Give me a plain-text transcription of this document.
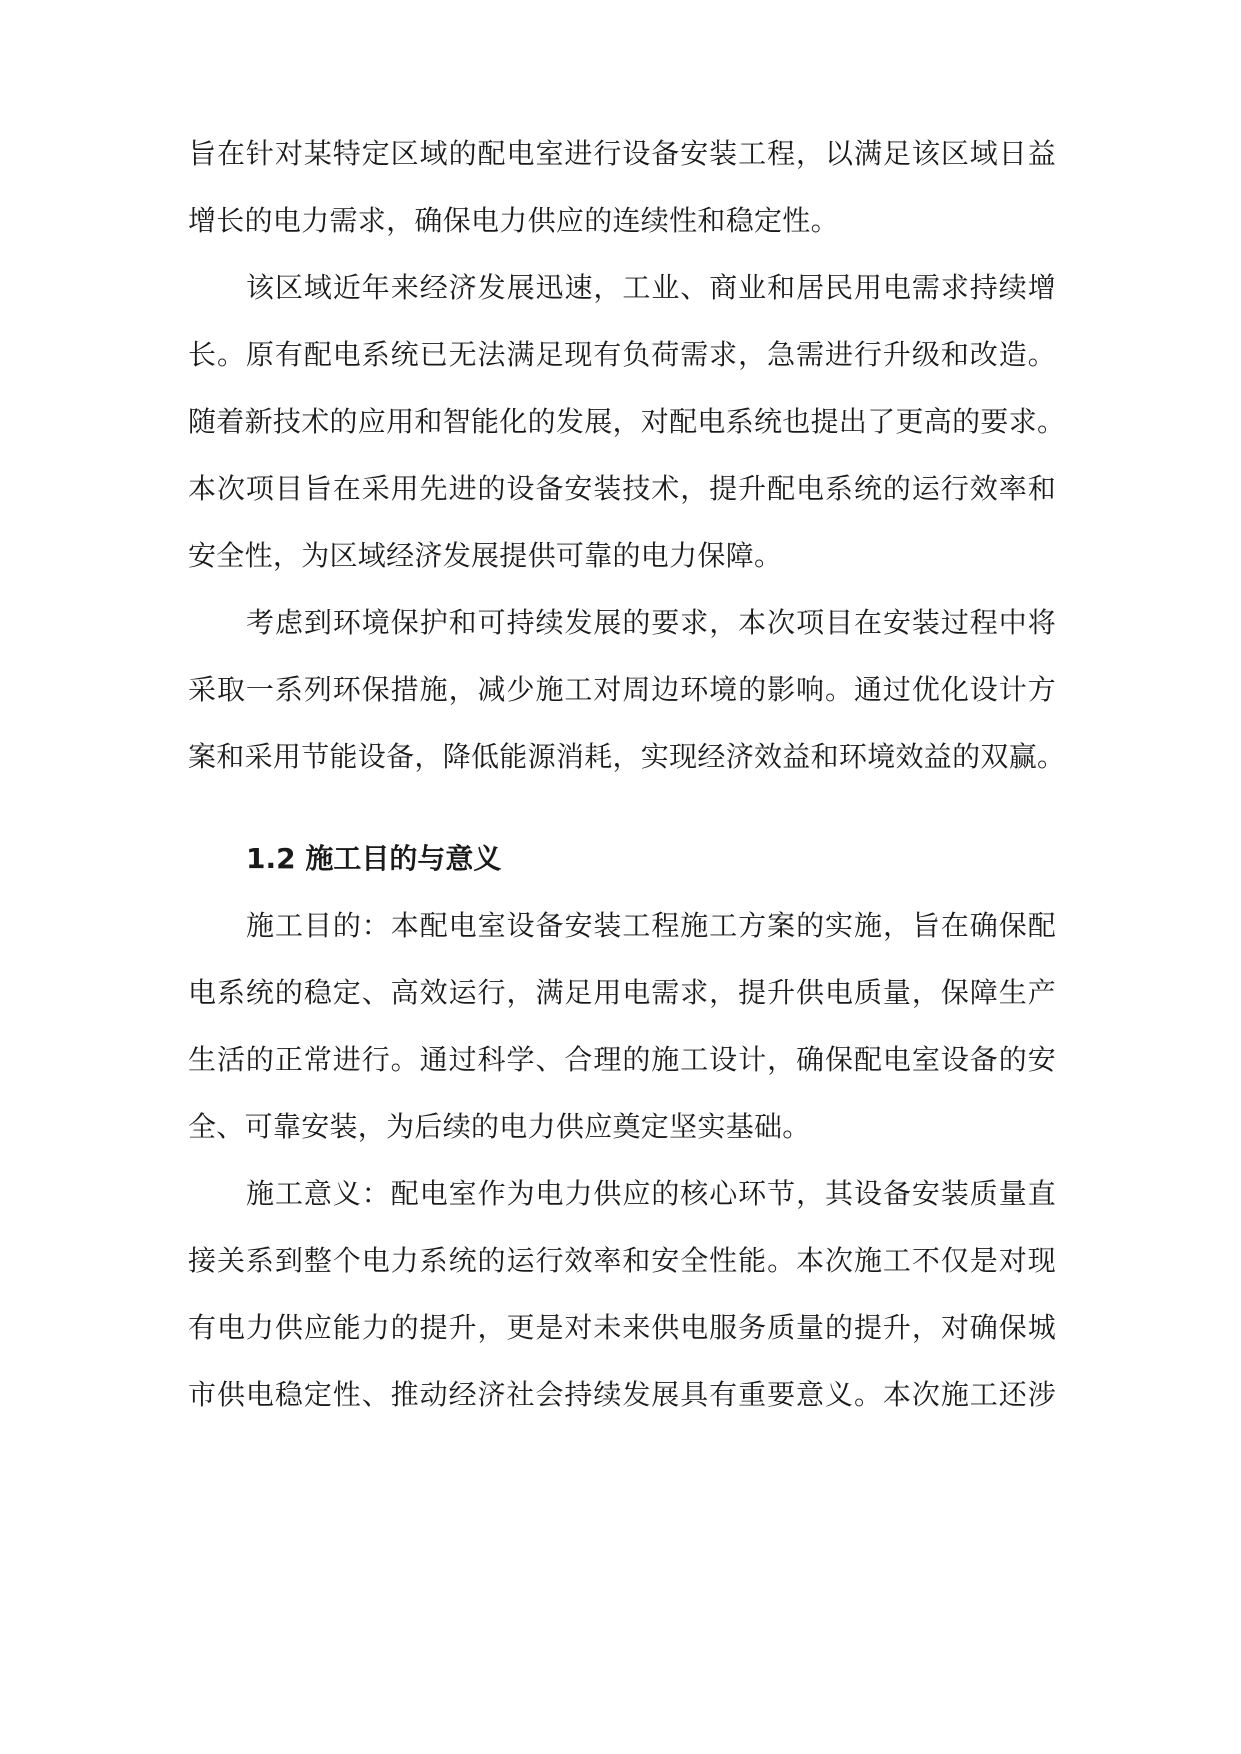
旨在针对某特定区域的配电室进行设备安装工程，以满足该区域日益
增长的电力需求，确保电力供应的连续性和稳定性。
该区域近年来经济发展迅速，工业、商业和居民用电需求持续增
长。原有配电系统已无法满足现有负荷需求，急需进行升级和改造。
随着新技术的应用和智能化的发展，对配电系统也提出了更高的要求。
本次项目旨在采用先进的设备安装技术，提升配电系统的运行效率和
安全性，为区域经济发展提供可靠的电力保障。
考虑到环境保护和可持续发展的要求，本次项目在安装过程中将
采取一系列环保措施，减少施工对周边环境的影响。通过优化设计方
案和采用节能设备，降低能源消耗，实现经济效益和环境效益的双赢。
1.2 施工目的与意义
施工目的：本配电室设备安装工程施工方案的实施，旨在确保配
电系统的稳定、高效运行，满足用电需求，提升供电质量，保障生产
生活的正常进行。通过科学、合理的施工设计，确保配电室设备的安
全、可靠安装，为后续的电力供应奠定坚实基础。
施工意义：配电室作为电力供应的核心环节，其设备安装质量直
接关系到整个电力系统的运行效率和安全性能。本次施工不仅是对现
有电力供应能力的提升，更是对未来供电服务质量的提升，对确保城
市供电稳定性、推动经济社会持续发展具有重要意义。本次施工还涉
